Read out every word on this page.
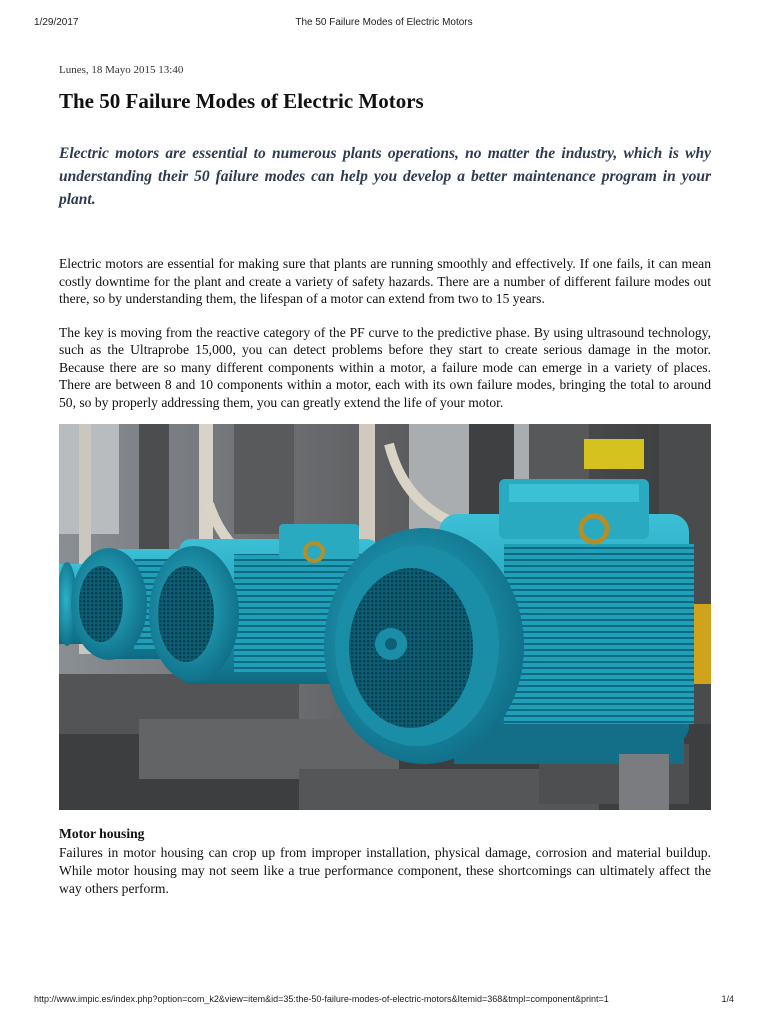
1/29/2017	The 50 Failure Modes of Electric Motors

Lunes, 18 Mayo 2015 13:40

The 50 Failure Modes of Electric Motors

Electric motors are essential to numerous plants operations, no matter the industry, which is why understanding their 50 failure modes can help you develop a better maintenance program in your plant.

Electric motors are essential for making sure that plants are running smoothly and effectively. If one fails, it can mean costly downtime for the plant and create a variety of safety hazards. There are a number of different failure modes out there, so by understanding them, the lifespan of a motor can extend from two to 15 years.

The key is moving from the reactive category of the PF curve to the predictive phase. By using ultrasound technology, such as the Ultraprobe 15,000, you can detect problems before they start to create serious damage in the motor. Because there are so many different components within a motor, a failure mode can emerge in a variety of places. There are between 8 and 10 components within a motor, each with its own failure modes, bringing the total to around 50, so by properly addressing them, you can greatly extend the life of your motor.

Motor housing

Failures in motor housing can crop up from improper installation, physical damage, corrosion and material buildup. While motor housing may not seem like a true performance component, these shortcomings can ultimately affect the way others perform.

http://www.impic.es/index.php?option=com_k2&view=item&id=35:the-50-failure-modes-of-electric-motors&Itemid=368&tmpl=component&print=1	1/4
